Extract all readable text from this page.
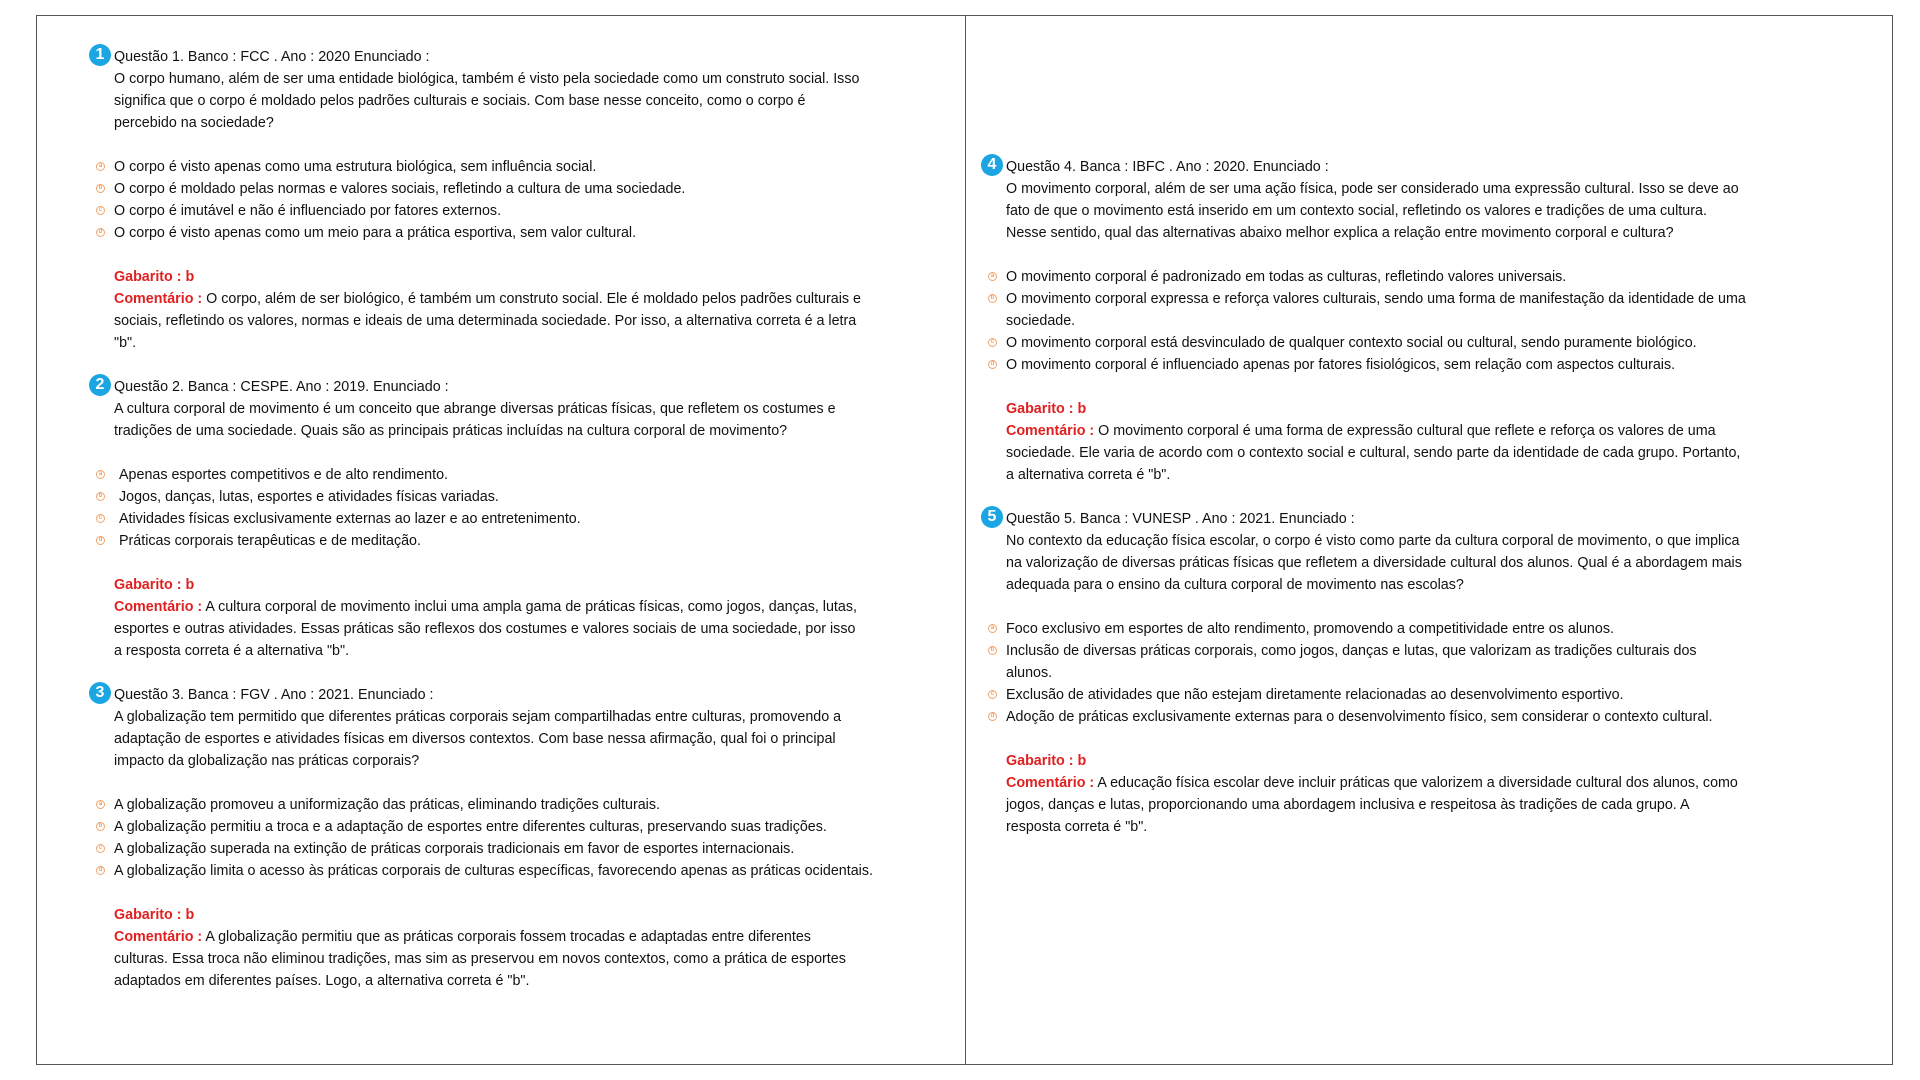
1 Questão 1. Banco : FCC . Ano : 2020 Enunciado :
O corpo humano, além de ser uma entidade biológica, também é visto pela sociedade como um construto social. Isso significa que o corpo é moldado pelos padrões culturais e sociais. Com base nesse conceito, como o corpo é percebido na sociedade?
a O corpo é visto apenas como uma estrutura biológica, sem influência social.
b O corpo é moldado pelas normas e valores sociais, refletindo a cultura de uma sociedade.
c O corpo é imutável e não é influenciado por fatores externos.
d O corpo é visto apenas como um meio para a prática esportiva, sem valor cultural.
Gabarito : b
Comentário : O corpo, além de ser biológico, é também um construto social. Ele é moldado pelos padrões culturais e sociais, refletindo os valores, normas e ideais de uma determinada sociedade. Por isso, a alternativa correta é a letra "b".
2 Questão 2. Banca : CESPE. Ano : 2019. Enunciado :
A cultura corporal de movimento é um conceito que abrange diversas práticas físicas, que refletem os costumes e tradições de uma sociedade. Quais são as principais práticas incluídas na cultura corporal de movimento?
a Apenas esportes competitivos e de alto rendimento.
b Jogos, danças, lutas, esportes e atividades físicas variadas.
c Atividades físicas exclusivamente externas ao lazer e ao entretenimento.
d Práticas corporais terapêuticas e de meditação.
Gabarito : b
Comentário : A cultura corporal de movimento inclui uma ampla gama de práticas físicas, como jogos, danças, lutas, esportes e outras atividades. Essas práticas são reflexos dos costumes e valores sociais de uma sociedade, por isso a resposta correta é a alternativa "b".
3 Questão 3. Banca : FGV . Ano : 2021. Enunciado :
A globalização tem permitido que diferentes práticas corporais sejam compartilhadas entre culturas, promovendo a adaptação de esportes e atividades físicas em diversos contextos. Com base nessa afirmação, qual foi o principal impacto da globalização nas práticas corporais?
a A globalização promoveu a uniformização das práticas, eliminando tradições culturais.
b A globalização permitiu a troca e a adaptação de esportes entre diferentes culturas, preservando suas tradições.
c A globalização superada na extinção de práticas corporais tradicionais em favor de esportes internacionais.
d A globalização limita o acesso às práticas corporais de culturas específicas, favorecendo apenas as práticas ocidentais.
Gabarito : b
Comentário : A globalização permitiu que as práticas corporais fossem trocadas e adaptadas entre diferentes culturas. Essa troca não eliminou tradições, mas sim as preservou em novos contextos, como a prática de esportes adaptados em diferentes países. Logo, a alternativa correta é "b".
4 Questão 4. Banca : IBFC . Ano : 2020. Enunciado :
O movimento corporal, além de ser uma ação física, pode ser considerado uma expressão cultural. Isso se deve ao fato de que o movimento está inserido em um contexto social, refletindo os valores e tradições de uma cultura. Nesse sentido, qual das alternativas abaixo melhor explica a relação entre movimento corporal e cultura?
a O movimento corporal é padronizado em todas as culturas, refletindo valores universais.
b O movimento corporal expressa e reforça valores culturais, sendo uma forma de manifestação da identidade de uma sociedade.
c O movimento corporal está desvinculado de qualquer contexto social ou cultural, sendo puramente biológico.
d O movimento corporal é influenciado apenas por fatores fisiológicos, sem relação com aspectos culturais.
Gabarito : b
Comentário : O movimento corporal é uma forma de expressão cultural que reflete e reforça os valores de uma sociedade. Ele varia de acordo com o contexto social e cultural, sendo parte da identidade de cada grupo. Portanto, a alternativa correta é "b".
5 Questão 5. Banca : VUNESP . Ano : 2021. Enunciado :
No contexto da educação física escolar, o corpo é visto como parte da cultura corporal de movimento, o que implica na valorização de diversas práticas físicas que refletem a diversidade cultural dos alunos. Qual é a abordagem mais adequada para o ensino da cultura corporal de movimento nas escolas?
a Foco exclusivo em esportes de alto rendimento, promovendo a competitividade entre os alunos.
b Inclusão de diversas práticas corporais, como jogos, danças e lutas, que valorizam as tradições culturais dos alunos.
c Exclusão de atividades que não estejam diretamente relacionadas ao desenvolvimento esportivo.
d Adoção de práticas exclusivamente externas para o desenvolvimento físico, sem considerar o contexto cultural.
Gabarito : b
Comentário : A educação física escolar deve incluir práticas que valorizem a diversidade cultural dos alunos, como jogos, danças e lutas, proporcionando uma abordagem inclusiva e respeitosa às tradições de cada grupo. A resposta correta é "b".
